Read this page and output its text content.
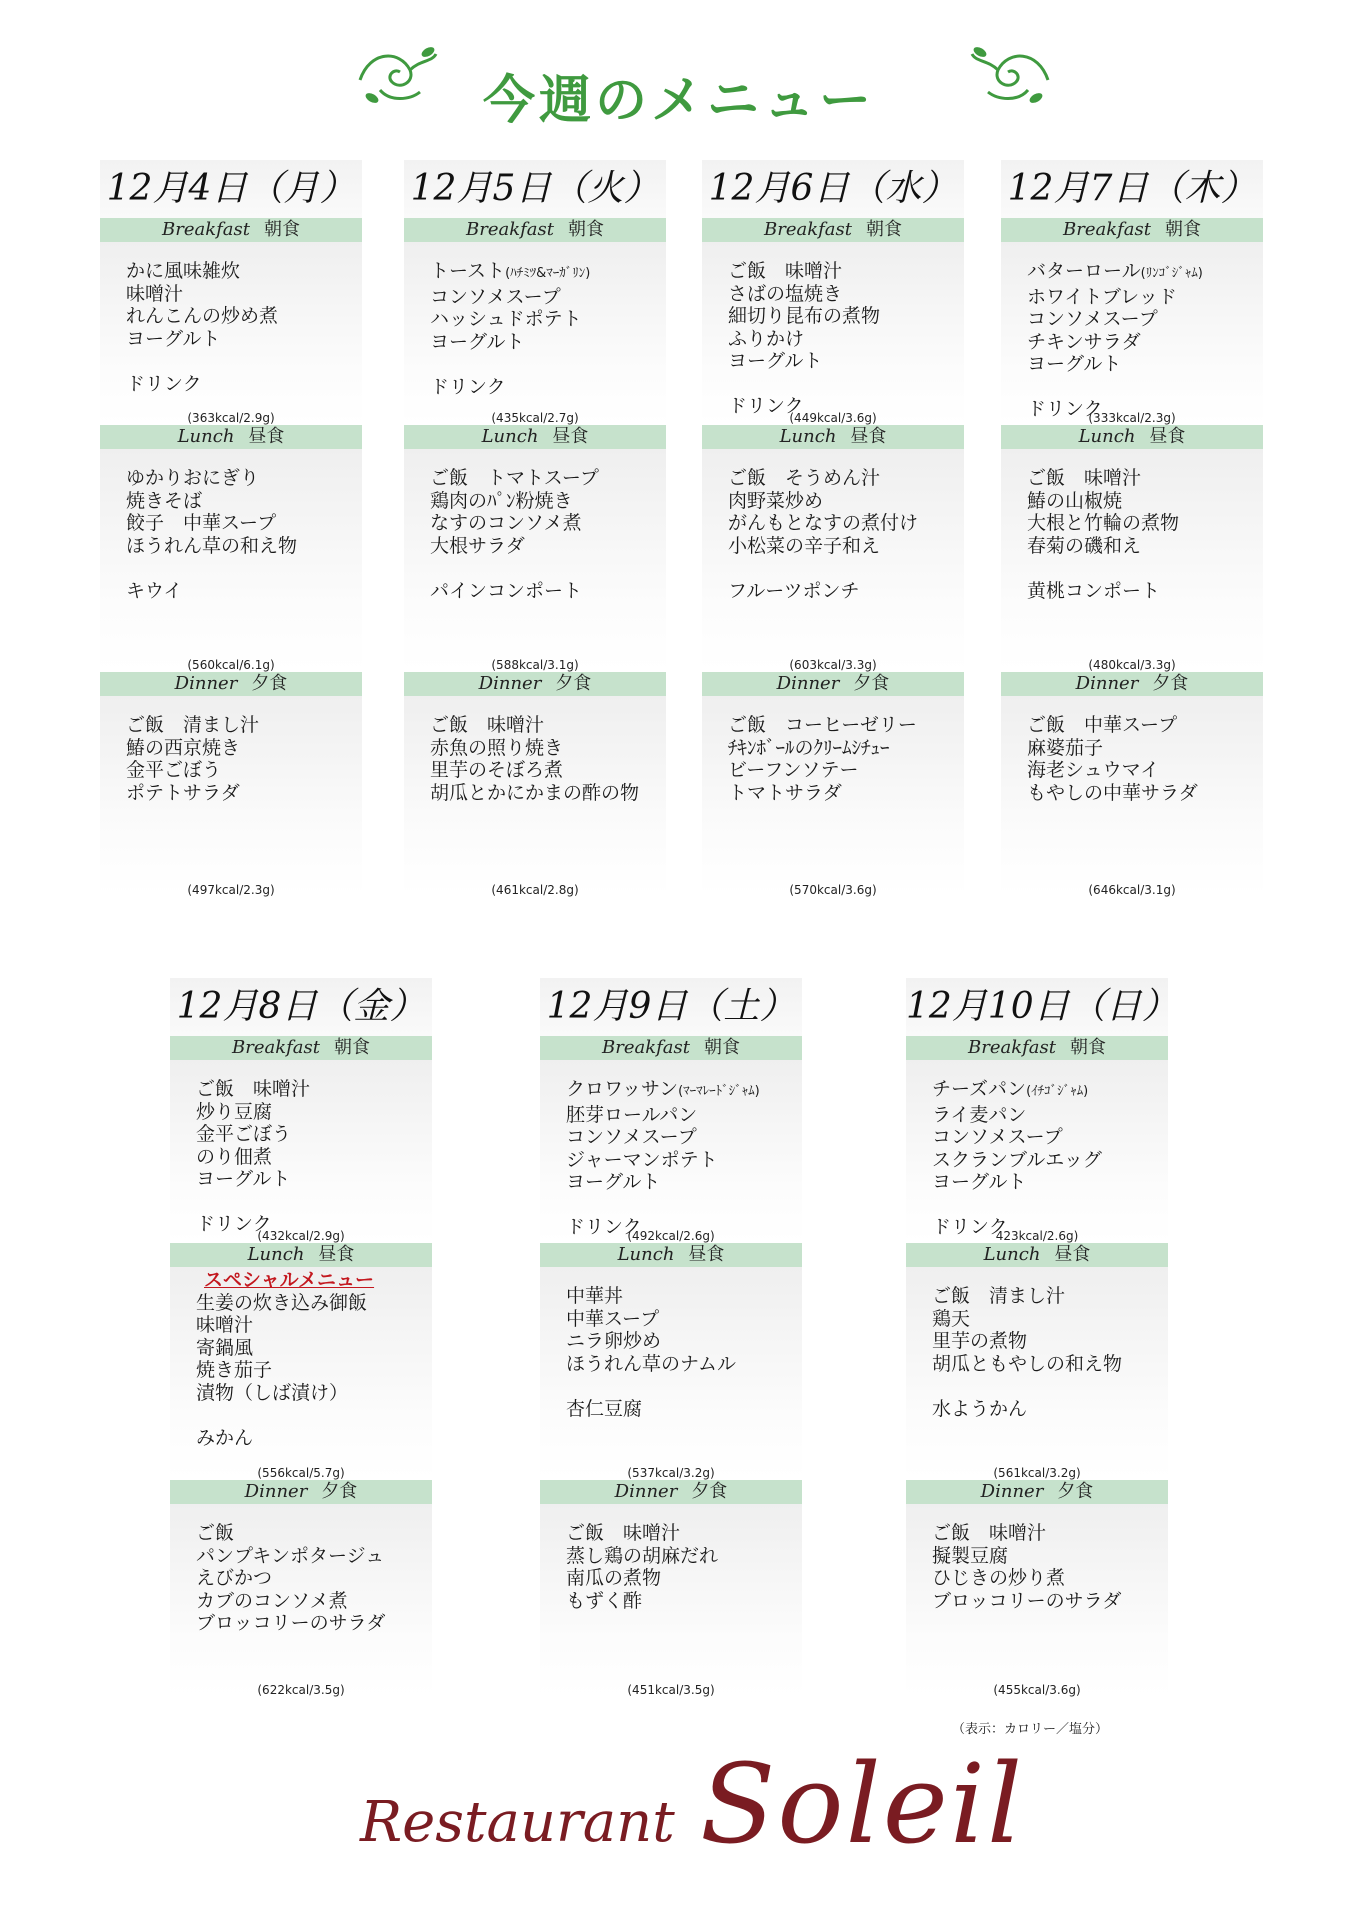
今週のメニュー
12月4日（月）
Breakfast 朝食
かに風味雑炊
味噌汁
れんこんの炒め煮
ヨーグルト
ドリンク
(363kcal/2.9g)
Lunch 昼食
ゆかりおにぎり
焼きそば
餃子　中華スープ
ほうれん草の和え物
キウイ
(560kcal/6.1g)
Dinner 夕食
ご飯　清まし汁
鰆の西京焼き
金平ごぼう
ポテトサラダ
(497kcal/2.3g)
12月5日（火）
Breakfast 朝食
トースト(ﾊﾁﾐﾂ&ﾏｰｶﾞﾘﾝ)
コンソメスープ
ハッシュドポテト
ヨーグルト
ドリンク
(435kcal/2.7g)
Lunch 昼食
ご飯　トマトスープ
鶏肉のﾊﾟﾝ粉焼き
なすのコンソメ煮
大根サラダ
パインコンポート
(588kcal/3.1g)
Dinner 夕食
ご飯　味噌汁
赤魚の照り焼き
里芋のそぼろ煮
胡瓜とかにかまの酢の物
(461kcal/2.8g)
12月6日（水）
Breakfast 朝食
ご飯　味噌汁
さばの塩焼き
細切り昆布の煮物
ふりかけ
ヨーグルト
ドリンク
(449kcal/3.6g)
Lunch 昼食
ご飯　そうめん汁
肉野菜炒め
がんもとなすの煮付け
小松菜の辛子和え
フルーツポンチ
(603kcal/3.3g)
Dinner 夕食
ご飯　コーヒーゼリー
ﾁｷﾝﾎﾞｰﾙのｸﾘｰﾑｼﾁｭｰ
ビーフンソテー
トマトサラダ
(570kcal/3.6g)
12月7日（木）
Breakfast 朝食
バターロール(ﾘﾝｺﾞｼﾞｬﾑ)
ホワイトブレッド
コンソメスープ
チキンサラダ
ヨーグルト
ドリンク
(333kcal/2.3g)
Lunch 昼食
ご飯　味噌汁
鰆の山椒焼
大根と竹輪の煮物
春菊の磯和え
黄桃コンポート
(480kcal/3.3g)
Dinner 夕食
ご飯　中華スープ
麻婆茄子
海老シュウマイ
もやしの中華サラダ
(646kcal/3.1g)
12月8日（金）
Breakfast 朝食
ご飯　味噌汁
炒り豆腐
金平ごぼう
のり佃煮
ヨーグルト
ドリンク
(432kcal/2.9g)
Lunch 昼食
スペシャルメニュー
生姜の炊き込み御飯
味噌汁
寄鍋風
焼き茄子
漬物（しば漬け）
みかん
(556kcal/5.7g)
Dinner 夕食
ご飯
パンプキンポタージュ
えびかつ
カブのコンソメ煮
ブロッコリーのサラダ
(622kcal/3.5g)
12月9日（土）
Breakfast 朝食
クロワッサン(ﾏｰﾏﾚｰﾄﾞｼﾞｬﾑ)
胚芽ロールパン
コンソメスープ
ジャーマンポテト
ヨーグルト
ドリンク
(492kcal/2.6g)
Lunch 昼食
中華丼
中華スープ
ニラ卵炒め
ほうれん草のナムル
杏仁豆腐
(537kcal/3.2g)
Dinner 夕食
ご飯　味噌汁
蒸し鶏の胡麻だれ
南瓜の煮物
もずく酢
(451kcal/3.5g)
12月10日（日）
Breakfast 朝食
チーズパン(ｲﾁｺﾞｼﾞｬﾑ)
ライ麦パン
コンソメスープ
スクランブルエッグ
ヨーグルト
ドリンク
423kcal/2.6g)
Lunch 昼食
ご飯　清まし汁
鶏天
里芋の煮物
胡瓜ともやしの和え物
水ようかん
(561kcal/3.2g)
Dinner 夕食
ご飯　味噌汁
擬製豆腐
ひじきの炒り煮
ブロッコリーのサラダ
(455kcal/3.6g)
（表示：カロリー／塩分）
Restaurant Soleil
